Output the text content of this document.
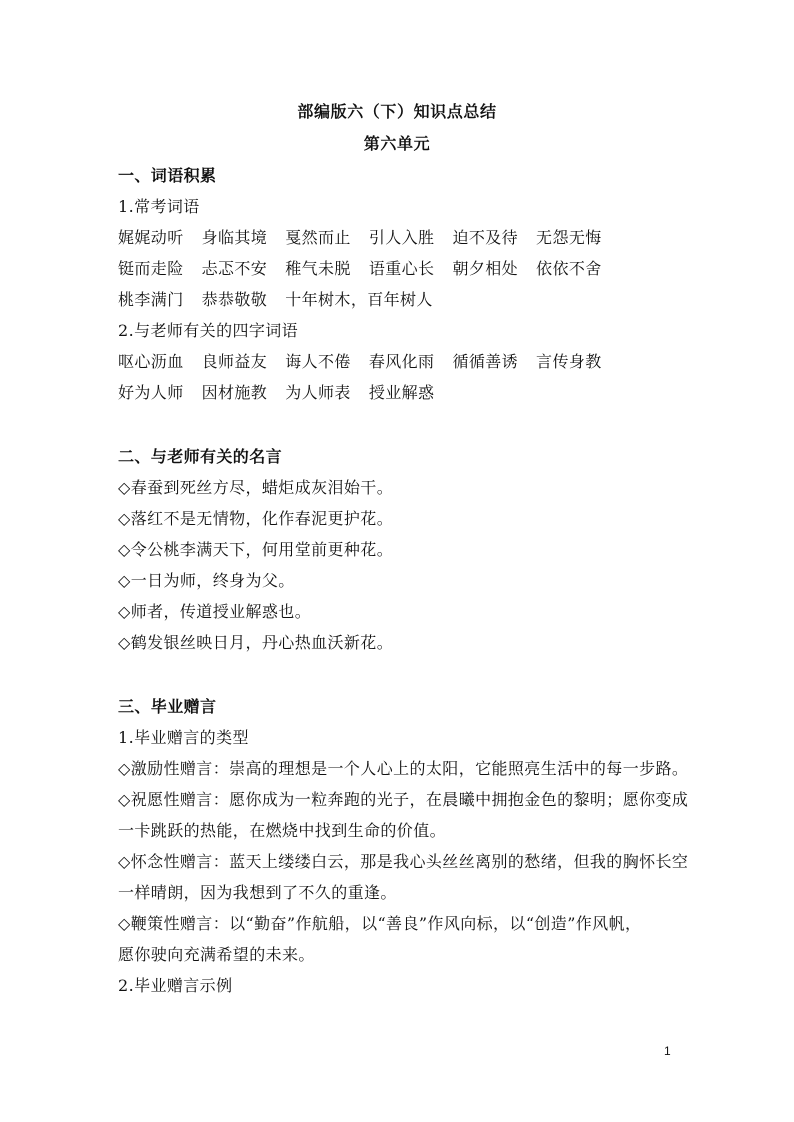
部编版六（下）知识点总结
第六单元
一、词语积累
1.常考词语
娓娓动听 身临其境 戛然而止 引人入胜 迫不及待 无怨无悔
铤而走险 忐忑不安 稚气未脱 语重心长 朝夕相处 依依不舍
桃李满门 恭恭敬敬 十年树木，百年树人
2.与老师有关的四字词语
呕心沥血 良师益友 诲人不倦 春风化雨 循循善诱 言传身教
好为人师 因材施教 为人师表 授业解惑
二、与老师有关的名言
◇春蚕到死丝方尽，蜡炬成灰泪始干。
◇落红不是无情物，化作春泥更护花。
◇令公桃李满天下，何用堂前更种花。
◇一日为师，终身为父。
◇师者，传道授业解惑也。
◇鹤发银丝映日月，丹心热血沃新花。
三、毕业赠言
1.毕业赠言的类型
◇激励性赠言：崇高的理想是一个人心上的太阳，它能照亮生活中的每一步路。
◇祝愿性赠言：愿你成为一粒奔跑的光子，在晨曦中拥抱金色的黎明；愿你变成
一卡跳跃的热能，在燃烧中找到生命的价值。
◇怀念性赠言：蓝天上缕缕白云，那是我心头丝丝离别的愁绪，但我的胸怀长空
一样晴朗，因为我想到了不久的重逢。
◇鞭策性赠言：以“勤奋”作航船，以“善良”作风向标，以“创造”作风帆，
愿你驶向充满希望的未来。
2.毕业赠言示例
1
